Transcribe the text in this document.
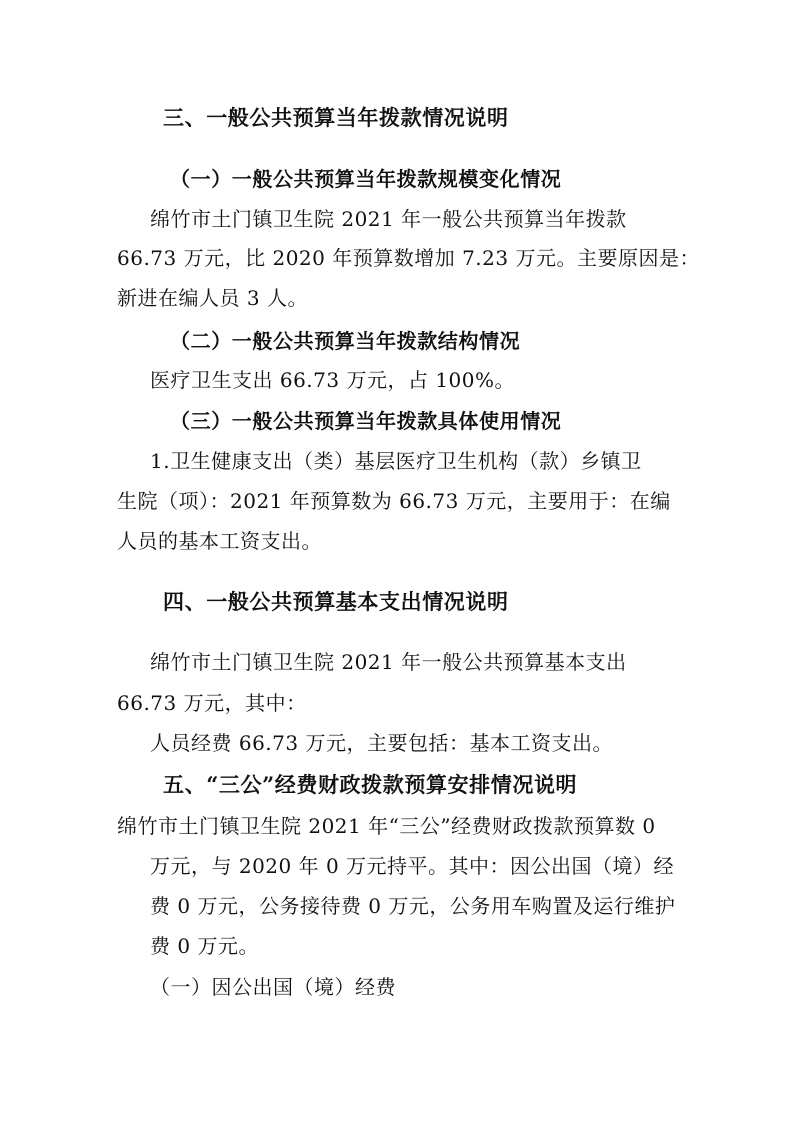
三、一般公共预算当年拨款情况说明
（一）一般公共预算当年拨款规模变化情况
绵竹市土门镇卫生院 2021 年一般公共预算当年拨款
66.73 万元，比 2020 年预算数增加 7.23 万元。主要原因是：
新进在编人员 3 人。
（二）一般公共预算当年拨款结构情况
医疗卫生支出 66.73 万元，占 100%。
（三）一般公共预算当年拨款具体使用情况
1.卫生健康支出（类）基层医疗卫生机构（款）乡镇卫
生院（项）：2021 年预算数为 66.73 万元，主要用于：在编
人员的基本工资支出。
四、一般公共预算基本支出情况说明
绵竹市土门镇卫生院 2021 年一般公共预算基本支出
66.73 万元，其中：
人员经费 66.73 万元，主要包括：基本工资支出。
五、“三公”经费财政拨款预算安排情况说明
绵竹市土门镇卫生院 2021 年“三公”经费财政拨款预算数 0
万元，与 2020 年 0 万元持平。其中：因公出国（境）经
费 0 万元，公务接待费 0 万元，公务用车购置及运行维护
费 0 万元。
（一）因公出国（境）经费
